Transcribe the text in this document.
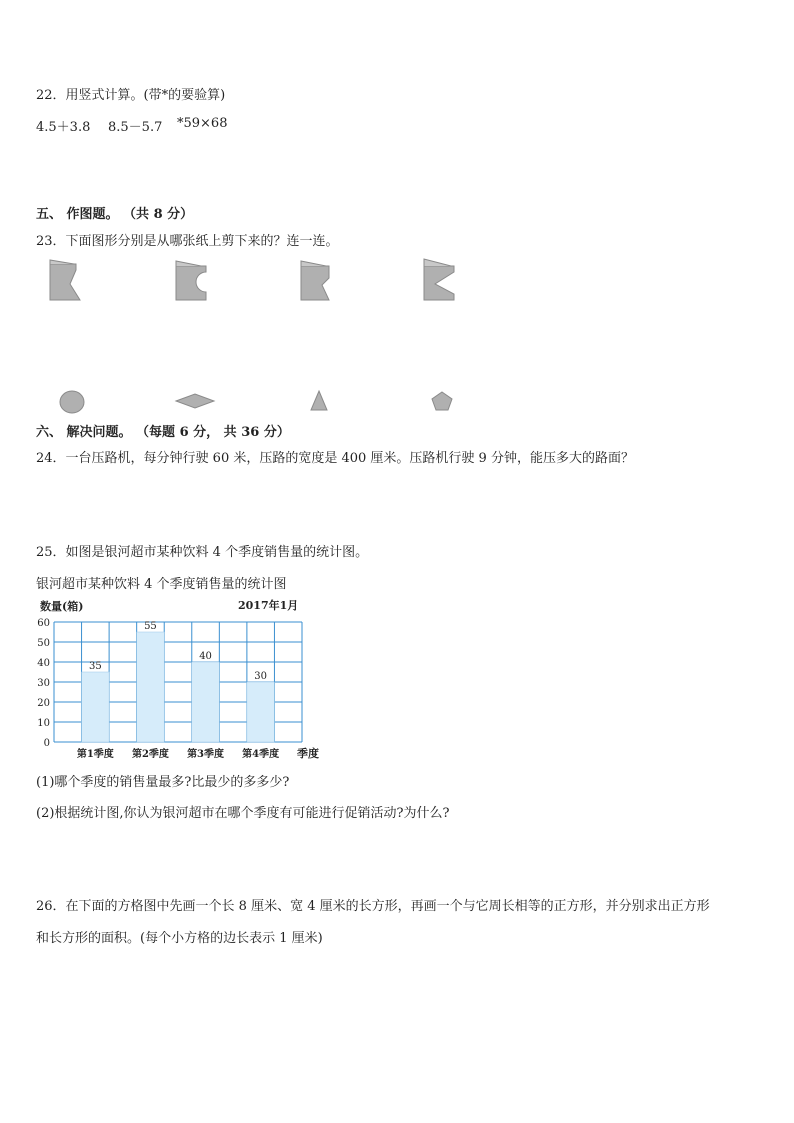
22．用竖式计算。(带*的要验算)
4.5＋3.8 8.5－5.7 *59×68
五、 作图题。 （共 8 分）
23．下面图形分别是从哪张纸上剪下来的？连一连。
六、 解决问题。 （每题 6 分， 共 36 分）
24．一台压路机，每分钟行驶 60 米，压路的宽度是 400 厘米。压路机行驶 9 分钟，能压多大的路面？
25．如图是银河超市某种饮料 4 个季度销售量的统计图。
银河超市某种饮料 4 个季度销售量的统计图
数量(箱)	2017年1月
0
10
20
30
40
50
60
35
第1季度
55
第2季度
40
第3季度
30
第4季度 季度
(1)哪个季度的销售量最多?比最少的多多少?
(2)根据统计图,你认为银河超市在哪个季度有可能进行促销活动?为什么?
26．在下面的方格图中先画一个长 8 厘米、宽 4 厘米的长方形，再画一个与它周长相等的正方形，并分别求出正方形
和长方形的面积。(每个小方格的边长表示 1 厘米)
